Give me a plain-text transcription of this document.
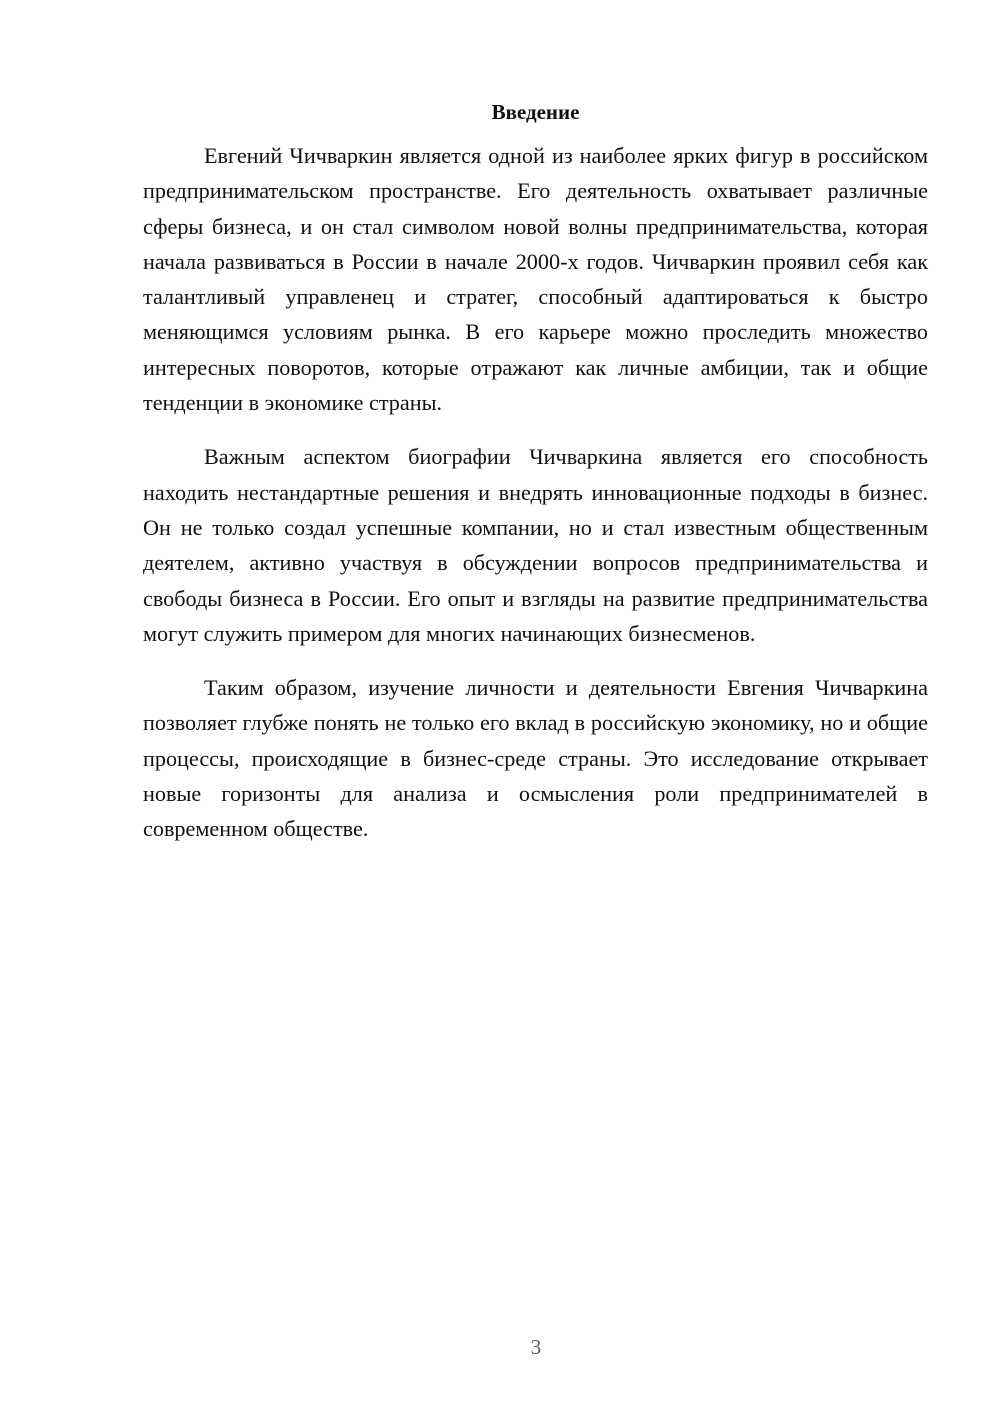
Введение

Евгений Чичваркин является одной из наиболее ярких фигур в российском предпринимательском пространстве. Его деятельность охватывает различные сферы бизнеса, и он стал символом новой волны предпринимательства, которая начала развиваться в России в начале 2000-х годов. Чичваркин проявил себя как талантливый управленец и стратег, способный адаптироваться к быстро меняющимся условиям рынка. В его карьере можно проследить множество интересных поворотов, которые отражают как личные амбиции, так и общие тенденции в экономике страны.

Важным аспектом биографии Чичваркина является его способность находить нестандартные решения и внедрять инновационные подходы в бизнес. Он не только создал успешные компании, но и стал известным общественным деятелем, активно участвуя в обсуждении вопросов предпринимательства и свободы бизнеса в России. Его опыт и взгляды на развитие предпринимательства могут служить примером для многих начинающих бизнесменов.

Таким образом, изучение личности и деятельности Евгения Чичваркина позволяет глубже понять не только его вклад в российскую экономику, но и общие процессы, происходящие в бизнес-среде страны. Это исследование открывает новые горизонты для анализа и осмысления роли предпринимателей в современном обществе.

3
